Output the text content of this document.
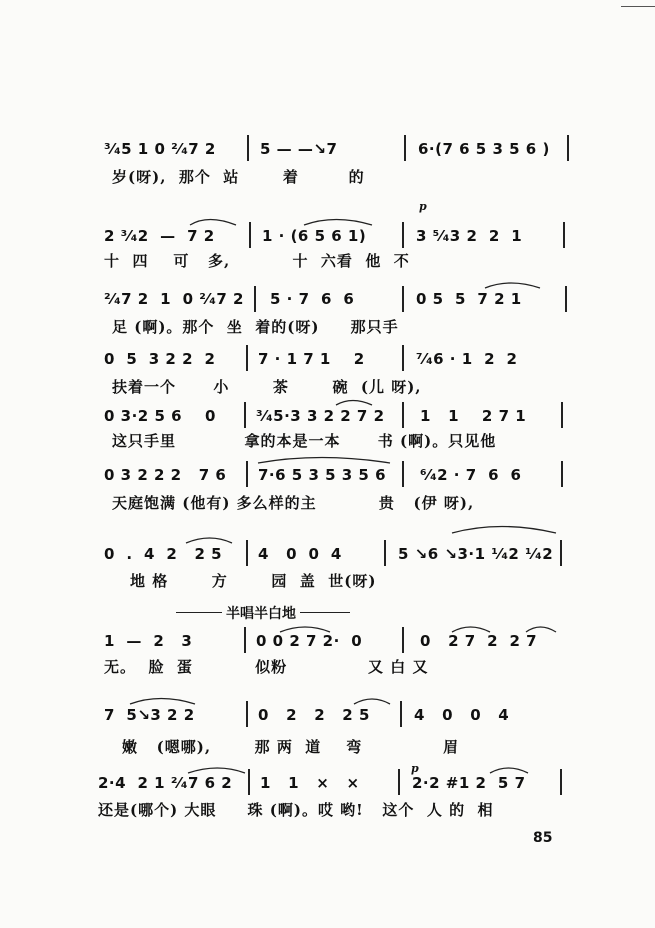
³⁄₄5 1 0 ²⁄₄7 2	5 — —↘7	6·(7 6 5 3 5 6 )
岁(呀),  那个  站       着        的
p
2 ³⁄₄2  —  7 2	1 · (6 5 6 1)	3 ⁵⁄₄3 2  2  1
十  四    可   多,          十  六看  他  不
²⁄₄7 2  1  0 ²⁄₄7 2 5 · 7  6  6	0 5  5  7 2 1
足 (啊)。那个  坐  着的(呀)     那只手
0  5  3 2 2  2	7 · 1 7 1    2	⁷⁄₄6 · 1  2  2
扶着一个      小       茶       碗  (儿 呀),
0 3·2 5 6    0	³⁄₄5·3 3 2 2 7 2 1   1    2 7 1
这只手里           拿的本是一本      书 (啊)。只见他
0 3 2 2 2   7 6 7·6 5 3 5 3 5 6 ⁶⁄₄2 · 7  6  6
天庭饱满 (他有) 多么样的主          贵   (伊 呀),
0  .  4  2   2 5 4   0  0  4	5 ↘6 ↘3·1 ¹⁄₄2 ¹⁄₄2
地 格       方       园  盖  世(呀)
半唱半白地
1  —  2   3	0 0 2 7 2·  0	0   2 7  2  2 7
无。  脸  蛋          似粉             又 白 又
7  5↘3 2 2	0   2   2   2 5	4   0   0   4
嫩   (嗯哪),       那 两  道    弯             眉
p
2·4  2 1 ²⁄₄7 6 2 1   1   ×   ×	2·2 #1 2  5 7
还是(哪个) 大眼     珠 (啊)。哎 哟!   这个  人 的  相
85
